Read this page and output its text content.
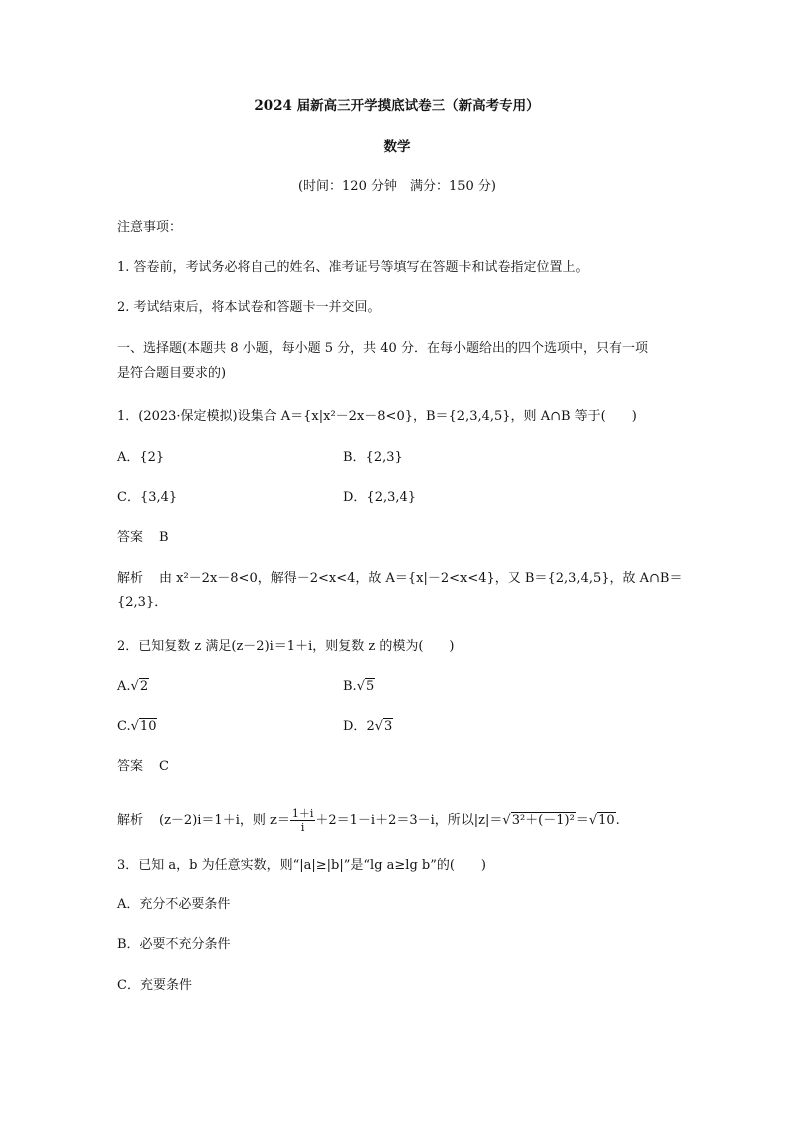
2024 届新高三开学摸底试卷三（新高考专用）
数学
(时间：120 分钟　满分：150 分)
注意事项：
1. 答卷前，考试务必将自己的姓名、准考证号等填写在答题卡和试卷指定位置上。
2. 考试结束后，将本试卷和答题卡一并交回。
一、选择题(本题共 8 小题，每小题 5 分，共 40 分．在每小题给出的四个选项中，只有一项
是符合题目要求的)
1．(2023·保定模拟)设集合 A＝{x|x²－2x－8<0}，B＝{2,3,4,5}，则 A∩B 等于(　　)
A．{2}	B．{2,3}
C．{3,4}	D．{2,3,4}
答案 B
解析 由 x²－2x－8<0，解得－2<x<4，故 A＝{x|－2<x<4}，又 B＝{2,3,4,5}，故 A∩B＝
{2,3}．
2．已知复数 z 满足(z－2)i＝1＋i，则复数 z 的模为(　　)
A.√2	B.√5
C.√10	D．2√3
答案 C
解析 (z－2)i＝1＋i，则 $z= \frac{1+i}{i} +2=1-i+2=3-i$，所以|z|＝√3²＋(－1)²＝√10.
3．已知 a，b 为任意实数，则“|a|≥|b|”是“lg a≥lg b”的(　　)
A．充分不必要条件
B．必要不充分条件
C．充要条件
